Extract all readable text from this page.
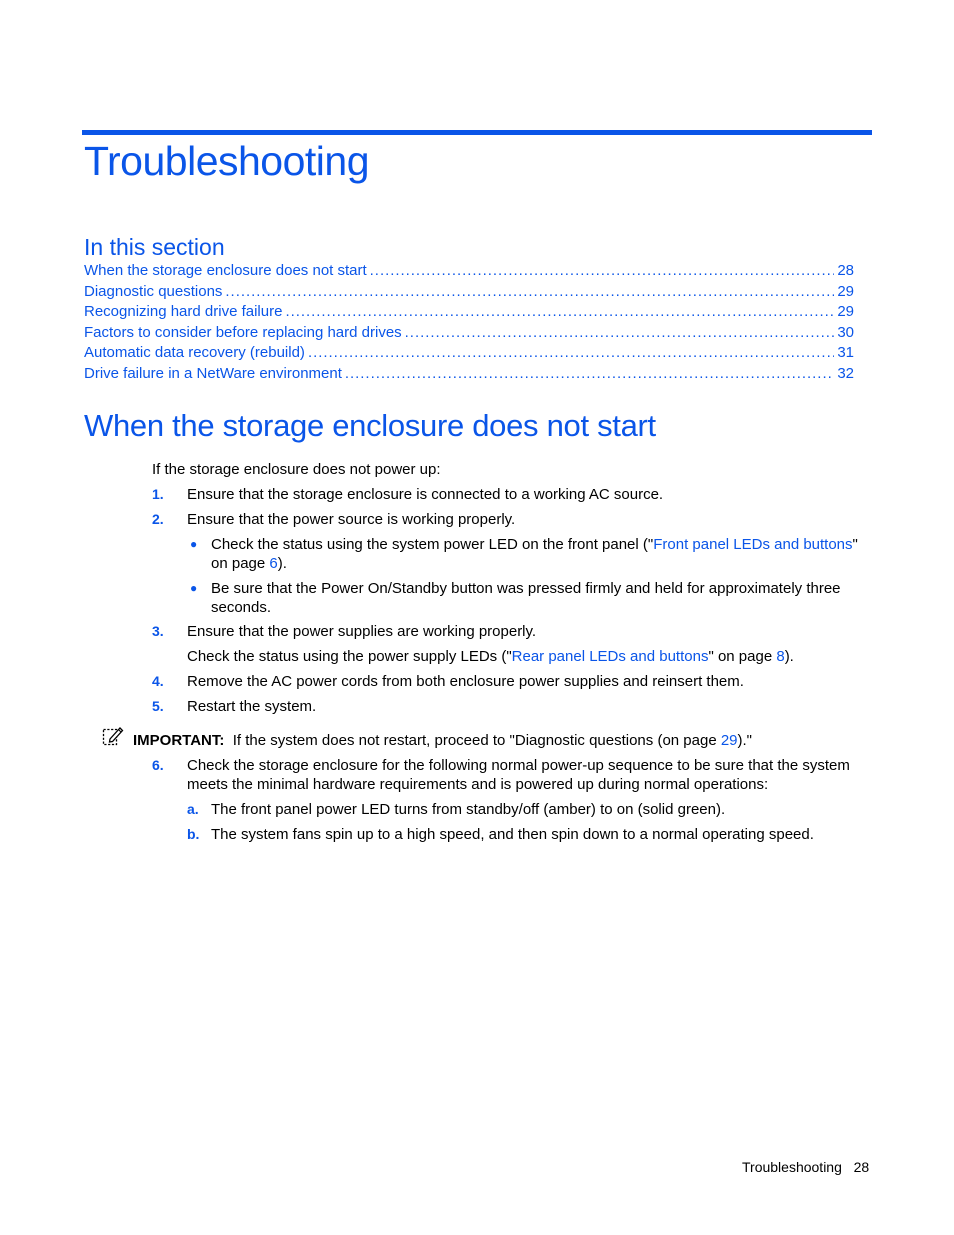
Troubleshooting
In this section
When the storage enclosure does not start . . .	28
Diagnostic questions . . .	29
Recognizing hard drive failure . . .	29
Factors to consider before replacing hard drives . . .	30
Automatic data recovery (rebuild) . . .	31
Drive failure in a NetWare environment . . .	32
When the storage enclosure does not start
If the storage enclosure does not power up:
1. Ensure that the storage enclosure is connected to a working AC source.
2. Ensure that the power source is working properly.
● Check the status using the system power LED on the front panel ("Front panel LEDs and buttons"
on page 6).
● Be sure that the Power On/Standby button was pressed firmly and held for approximately three
seconds.
3. Ensure that the power supplies are working properly.
Check the status using the power supply LEDs ("Rear panel LEDs and buttons" on page 8).
4. Remove the AC power cords from both enclosure power supplies and reinsert them.
5. Restart the system.
IMPORTANT: If the system does not restart, proceed to "Diagnostic questions (on page 29)."
6. Check the storage enclosure for the following normal power-up sequence to be sure that the system
meets the minimal hardware requirements and is powered up during normal operations:
a. The front panel power LED turns from standby/off (amber) to on (solid green).
b. The system fans spin up to a high speed, and then spin down to a normal operating speed.
Troubleshooting 28
